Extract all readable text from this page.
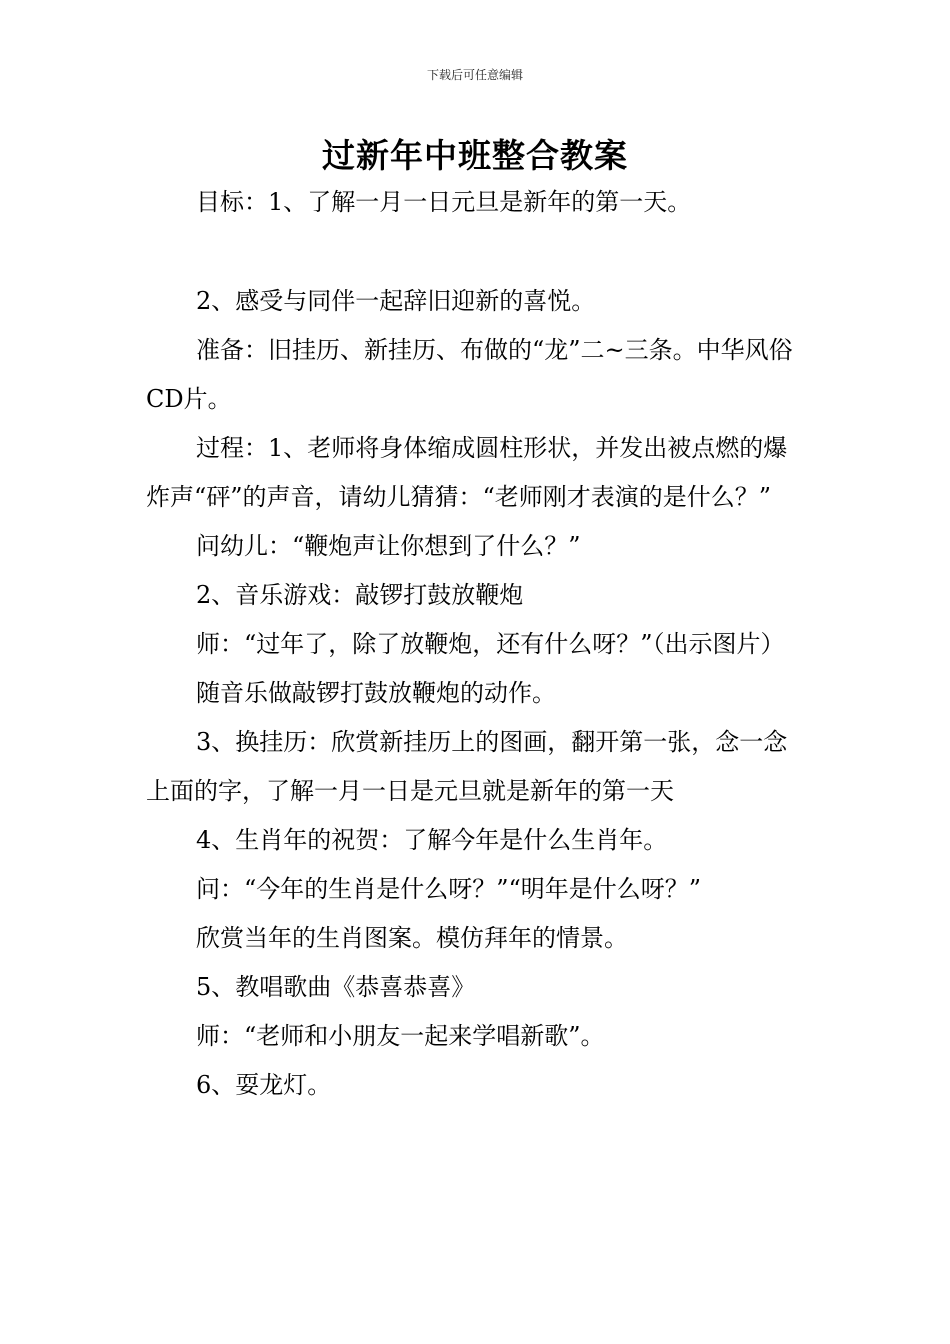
下载后可任意编辑
过新年中班整合教案

目标：1、了解一月一日元旦是新年的第一天。

2、感受与同伴一起辞旧迎新的喜悦。

准备：旧挂历、新挂历、布做的“龙”二~三条。中华风俗CD片。

过程：1、老师将身体缩成圆柱形状，并发出被点燃的爆炸声“砰”的声音，请幼儿猜猜：“老师刚才表演的是什么？”

问幼儿：“鞭炮声让你想到了什么？”

2、音乐游戏：敲锣打鼓放鞭炮

师：“过年了，除了放鞭炮，还有什么呀？”（出示图片）

随音乐做敲锣打鼓放鞭炮的动作。

3、换挂历：欣赏新挂历上的图画，翻开第一张，念一念上面的字，了解一月一日是元旦就是新年的第一天

4、生肖年的祝贺：了解今年是什么生肖年。

问：“今年的生肖是什么呀？”“明年是什么呀？”

欣赏当年的生肖图案。模仿拜年的情景。

5、教唱歌曲《恭喜恭喜》

师：“老师和小朋友一起来学唱新歌”。

6、耍龙灯。
